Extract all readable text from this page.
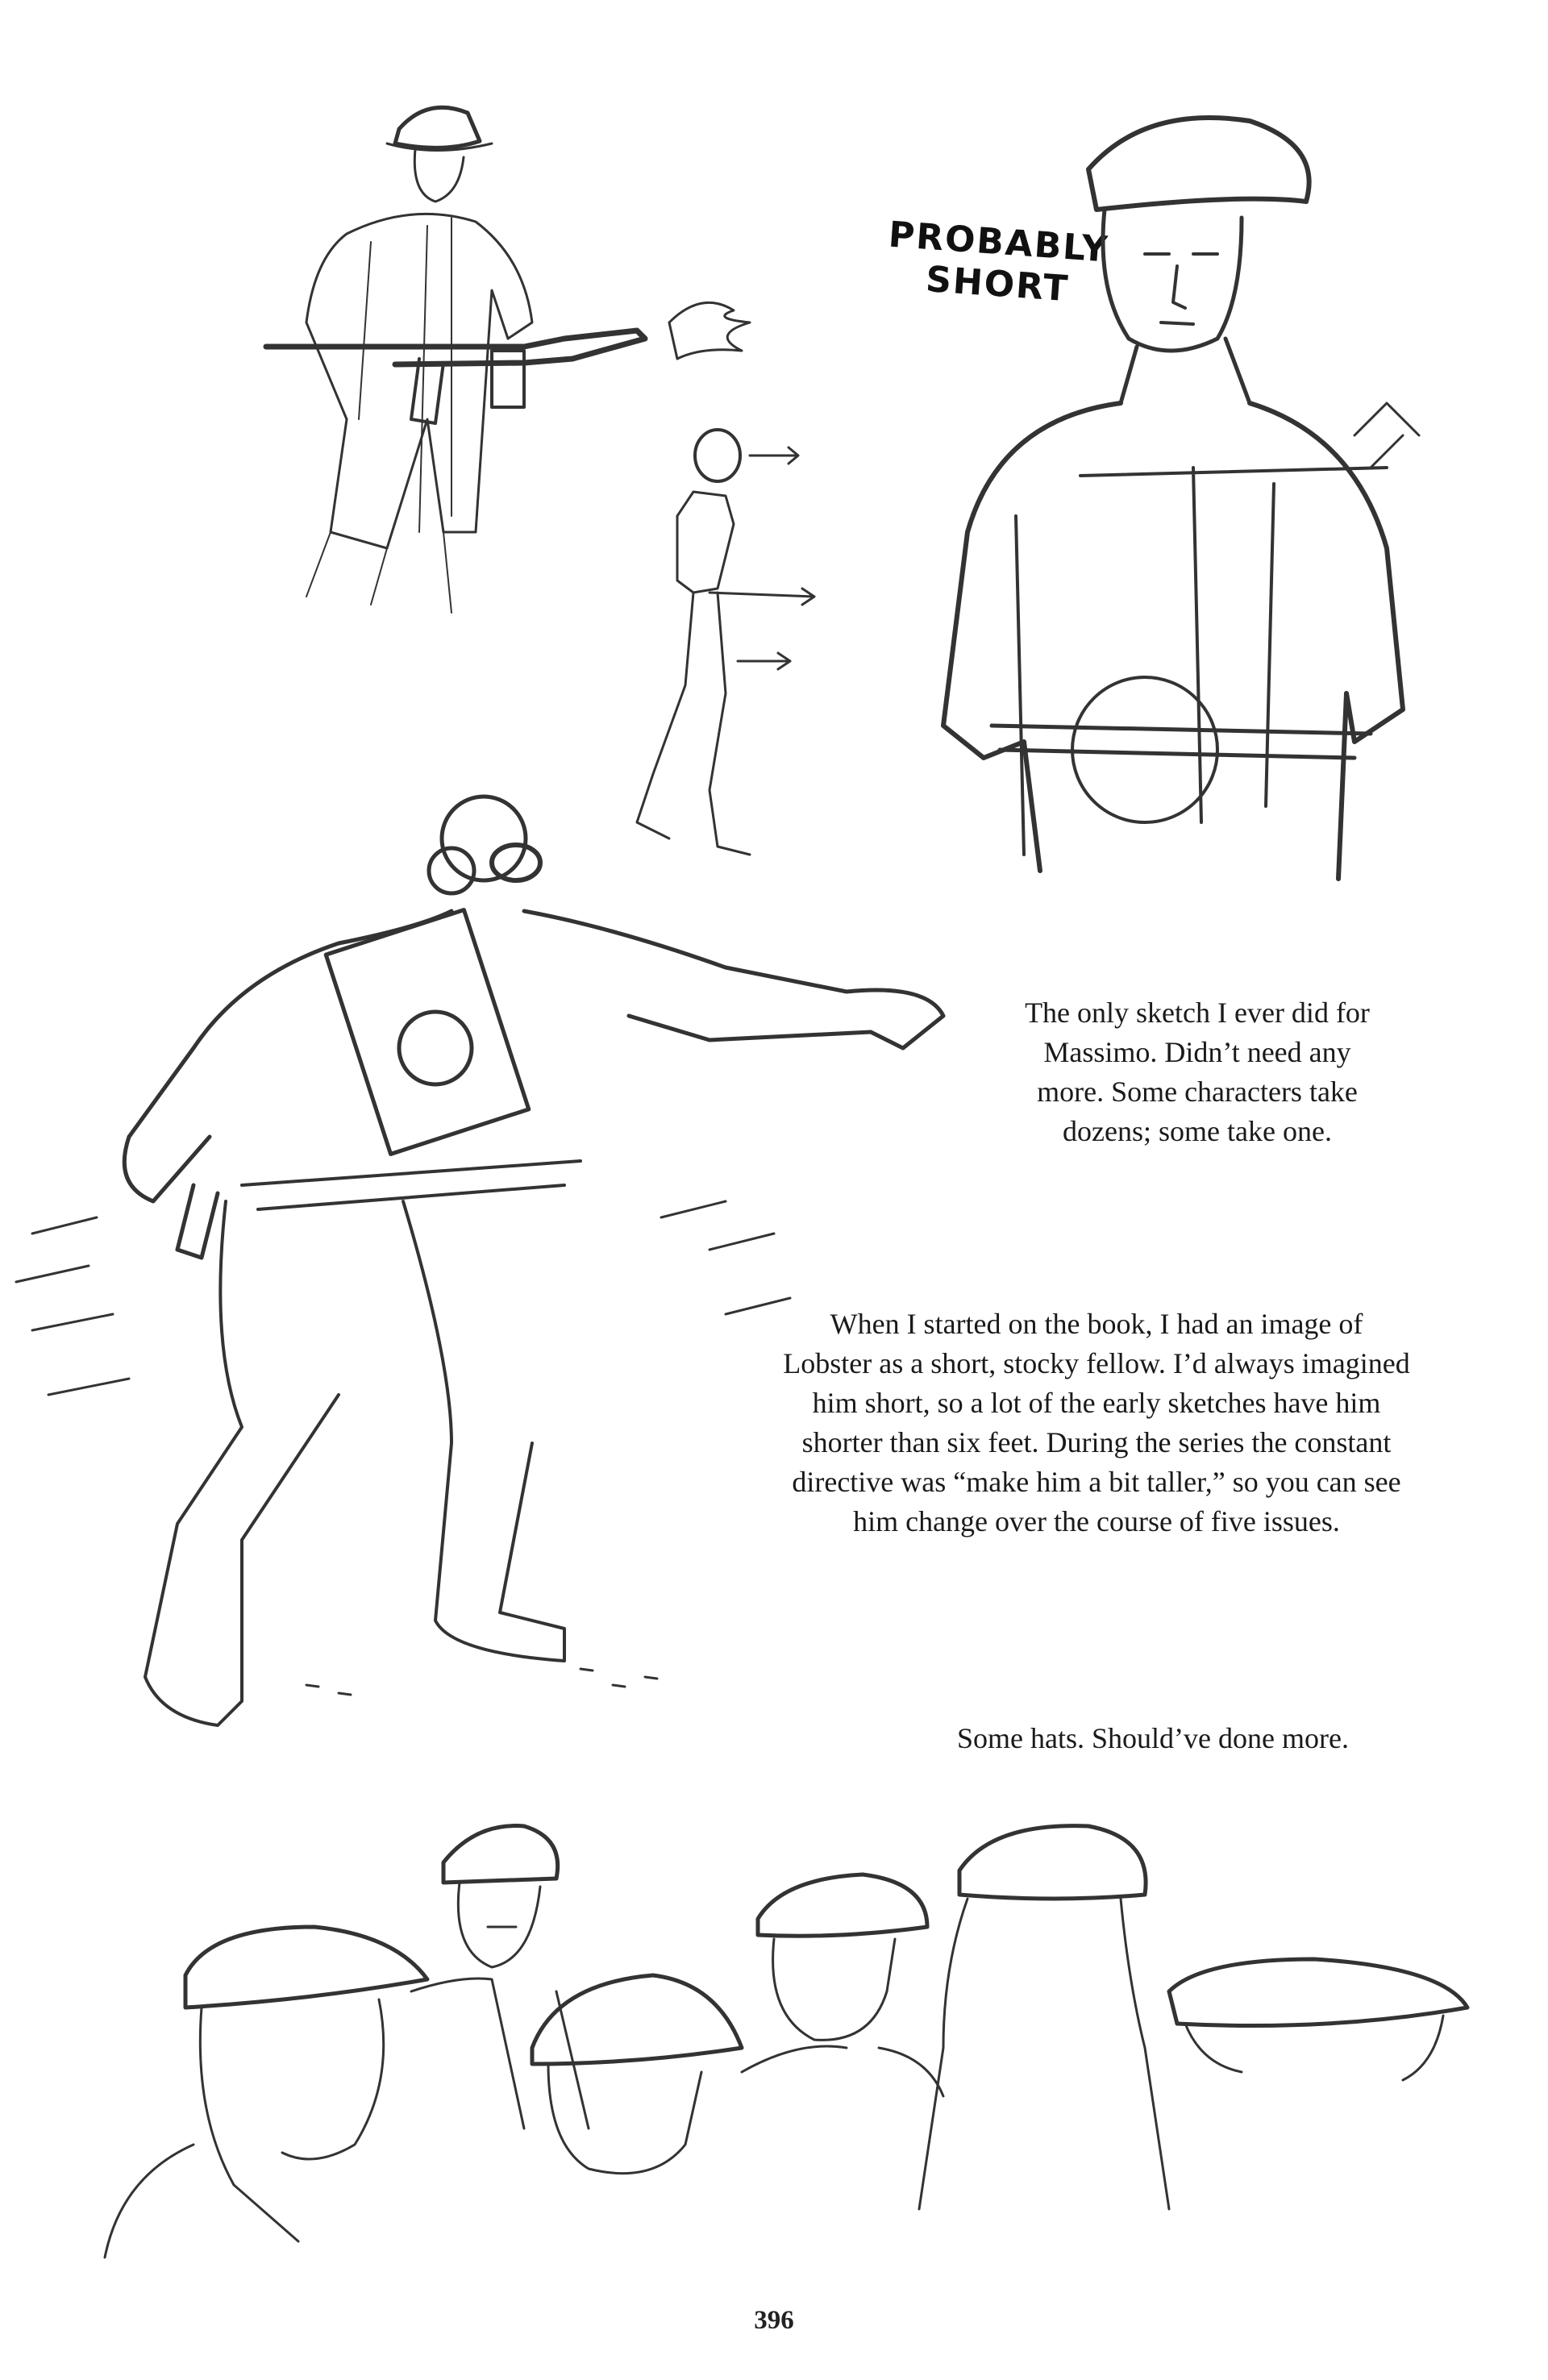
PROBABLY
SHORT

The only sketch I ever did for

Massimo. Didn’t need any

more. Some characters take

dozens; some take one.

When I started on the book, I had an image of

Lobster as a short, stocky fellow. I’d always imagined

him short, so a lot of the early sketches have him

shorter than six feet. During the series the constant

directive was “make him a bit taller,” so you can see

him change over the course of five issues.

Some hats. Should’ve done more.

396
